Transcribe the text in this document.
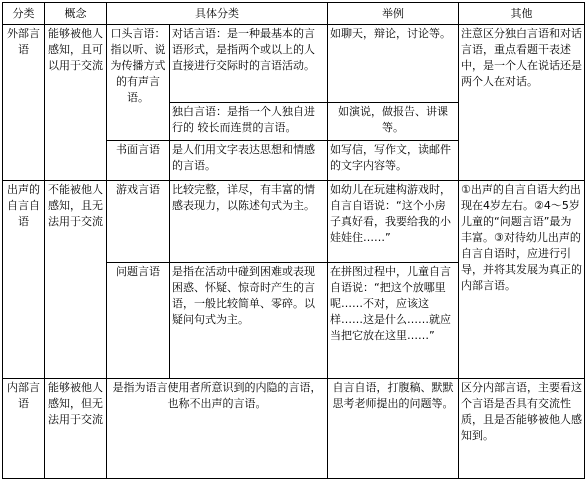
分类	概念	具体分类		举例	其他
外部言语	能够被他人感知，且可以用于交流	口头言语：指以听、说为传播方式的有声言语。	对话言语：是一种最基本的言语形式，是指两个或以上的人直接进行交际时的言语活动。	如聊天，辩论，讨论等。	注意区分独白言语和对话言语，重点看题干表述中，是一个人在说话还是两个人在对话。
			独白言语：是指一个人独自进行的 较长而连贯的言语。	如演说，做报告、讲课等。	
		书面言语	是人们用文字表达思想和情感的言语。	如写信，写作文，读邮件的文字内容等。	
出声的自言自语	不能被他人感知，且无法用于交流	游戏言语	比较完整，详尽，有丰富的情感表现力，以陈述句式为主。	如幼儿在玩建构游戏时，自言自语说：“这个小房子真好看，我要给我的小娃娃住……”	①出声的自言自语大约出现在4岁左右。②4～5岁儿童的“问题言语”最为丰富。③对待幼儿出声的自言自语时，应进行引导，并将其发展为真正的内部言语。
		问题言语	是指在活动中碰到困难或表现困惑、怀疑、惊奇时产生的言语，一般比较简单、零碎。以疑问句式为主。	在拼图过程中，儿童自言自语说：“把这个放哪里呢……不对，应该这样……这是什么……就应当把它放在这里……”	
内部言语	能够被他人感知，但无法用于交流	是指为语言使用者所意识到的内隐的言语，也称不出声的言语。		自言自语，打腹稿、默默思考老师提出的问题等。	区分内部言语，主要看这个言语是否具有交流性质，且是否能够被他人感知到。
